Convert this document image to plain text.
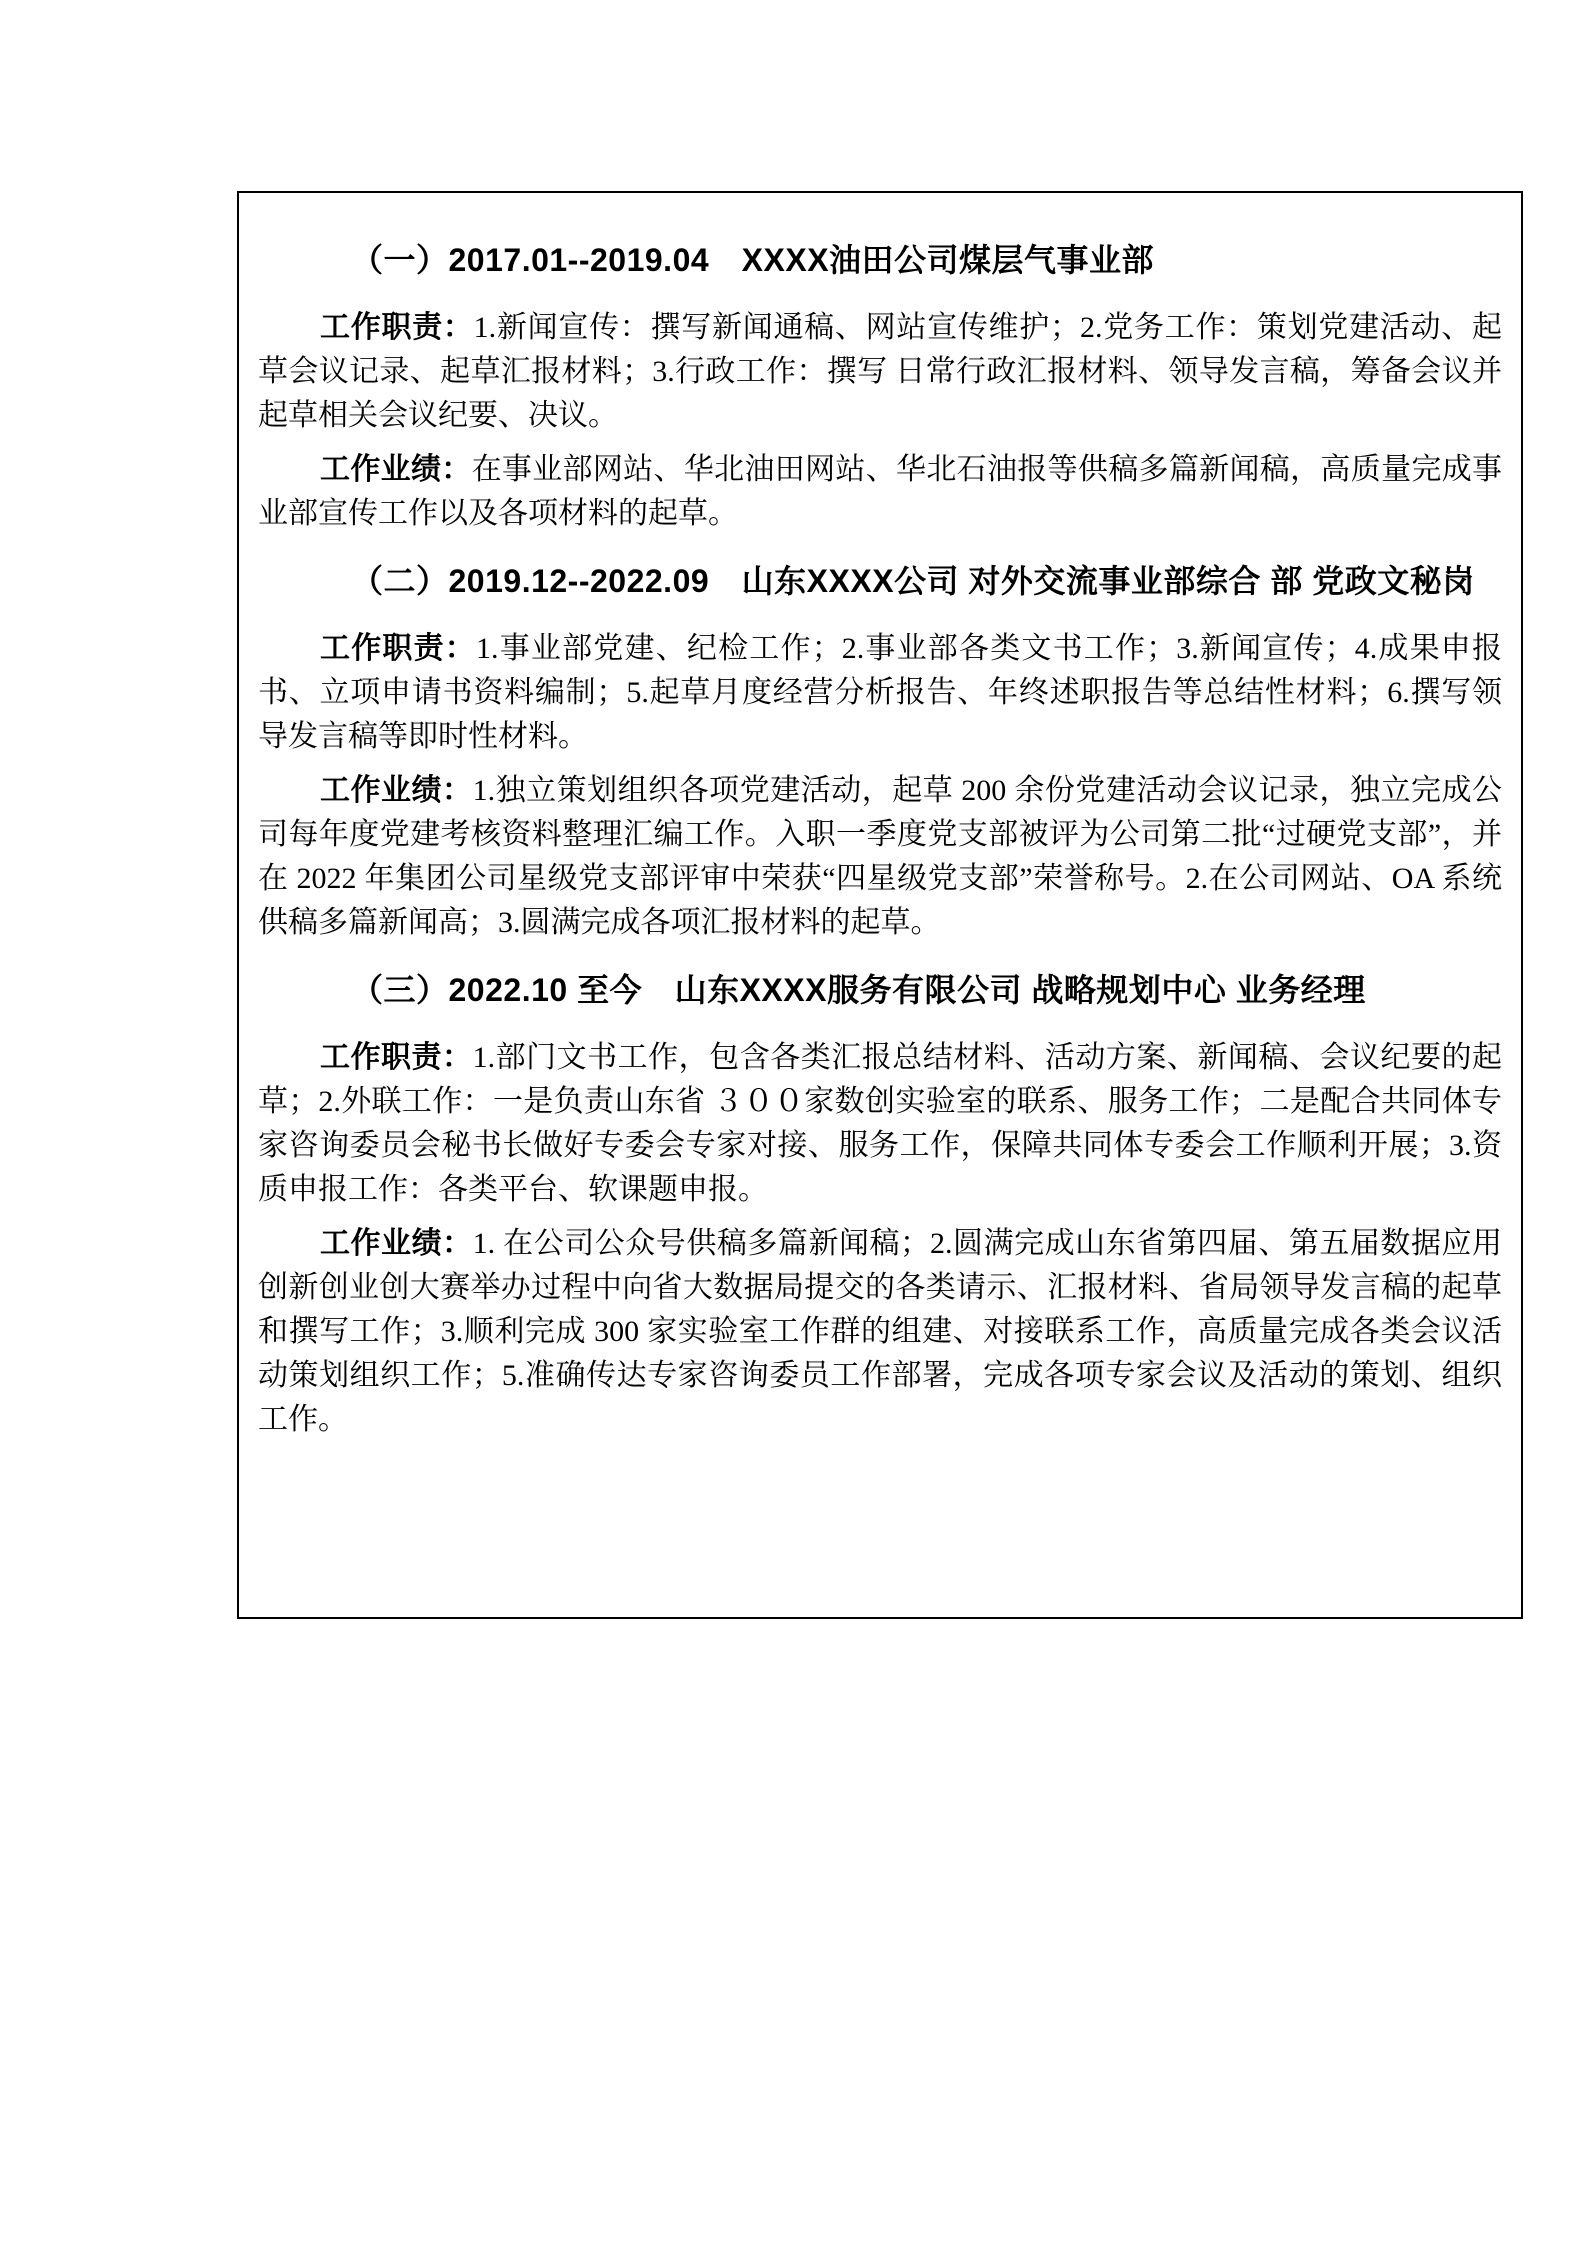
（一）2017.01--2019.04　XXXX油田公司煤层气事业部

工作职责：1.新闻宣传：撰写新闻通稿、网站宣传维护；2.党务工作：策划党建活动、起草会议记录、起草汇报材料；3.行政工作：撰写 日常行政汇报材料、领导发言稿，筹备会议并起草相关会议纪要、决议。

工作业绩：在事业部网站、华北油田网站、华北石油报等供稿多篇新闻稿，高质量完成事业部宣传工作以及各项材料的起草。

（二）2019.12--2022.09　山东XXXX公司 对外交流事业部综合 部 党政文秘岗

工作职责：1.事业部党建、纪检工作；2.事业部各类文书工作；3.新闻宣传；4.成果申报书、立项申请书资料编制；5.起草月度经营分析报告、年终述职报告等总结性材料；6.撰写领导发言稿等即时性材料。

工作业绩：1.独立策划组织各项党建活动，起草 200 余份党建活动会议记录，独立完成公司每年度党建考核资料整理汇编工作。入职一季度党支部被评为公司第二批“过硬党支部”，并在 2022 年集团公司星级党支部评审中荣获“四星级党支部”荣誉称号。2.在公司网站、OA 系统供稿多篇新闻高；3.圆满完成各项汇报材料的起草。

（三）2022.10 至今　山东XXXX服务有限公司 战略规划中心 业务经理

工作职责：1.部门文书工作，包含各类汇报总结材料、活动方案、新闻稿、会议纪要的起草；2.外联工作：一是负责山东省 ３００家数创实验室的联系、服务工作；二是配合共同体专家咨询委员会秘书长做好专委会专家对接、服务工作，保障共同体专委会工作顺利开展；3.资质申报工作：各类平台、软课题申报。

工作业绩：1. 在公司公众号供稿多篇新闻稿；2.圆满完成山东省第四届、第五届数据应用创新创业创大赛举办过程中向省大数据局提交的各类请示、汇报材料、省局领导发言稿的起草和撰写工作；3.顺利完成 300 家实验室工作群的组建、对接联系工作，高质量完成各类会议活动策划组织工作；5.准确传达专家咨询委员工作部署，完成各项专家会议及活动的策划、组织工作。
